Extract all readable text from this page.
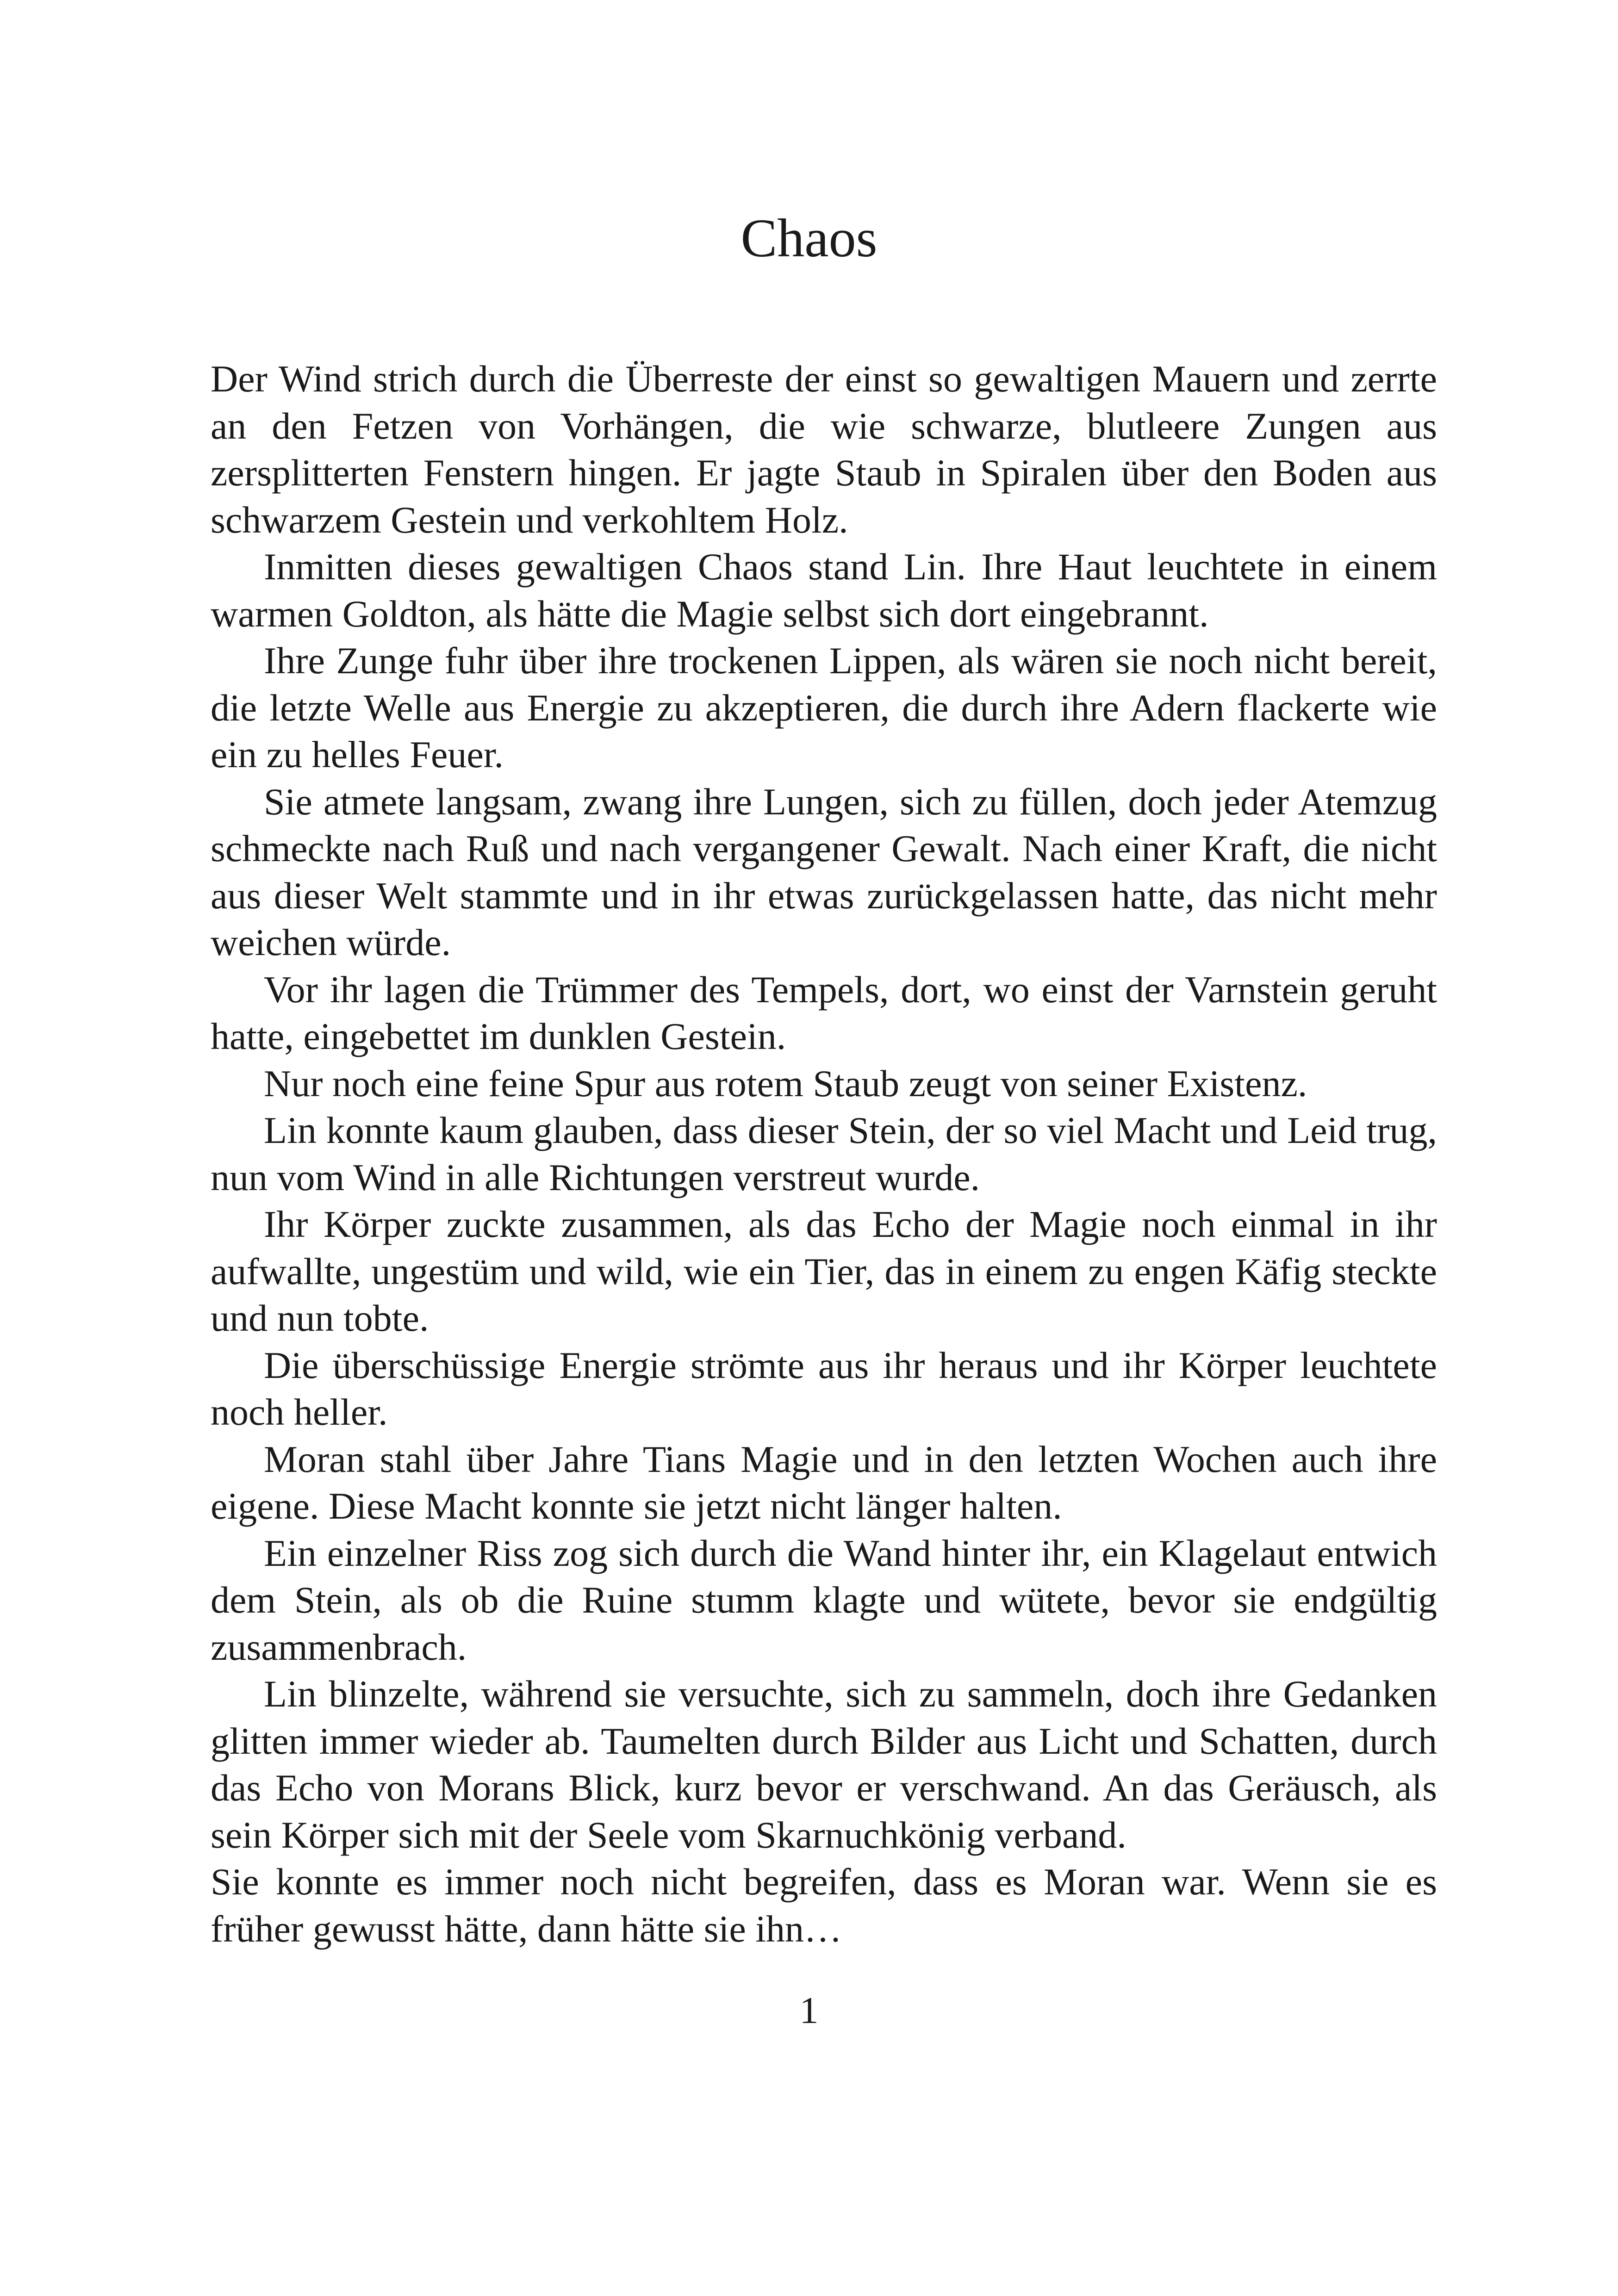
Chaos

Der Wind strich durch die Überreste der einst so gewaltigen Mauern und zerrte an den Fetzen von Vorhängen, die wie schwarze, blutleere Zungen aus zersplitterten Fenstern hingen. Er jagte Staub in Spiralen über den Boden aus schwarzem Gestein und verkohltem Holz.

Inmitten dieses gewaltigen Chaos stand Lin. Ihre Haut leuchtete in einem warmen Goldton, als hätte die Magie selbst sich dort eingebrannt.

Ihre Zunge fuhr über ihre trockenen Lippen, als wären sie noch nicht bereit, die letzte Welle aus Energie zu akzeptieren, die durch ihre Adern flackerte wie ein zu helles Feuer.

Sie atmete langsam, zwang ihre Lungen, sich zu füllen, doch jeder Atemzug schmeckte nach Ruß und nach vergangener Gewalt. Nach einer Kraft, die nicht aus dieser Welt stammte und in ihr etwas zurückgelassen hatte, das nicht mehr weichen würde.

Vor ihr lagen die Trümmer des Tempels, dort, wo einst der Varnstein geruht hatte, eingebettet im dunklen Gestein.

Nur noch eine feine Spur aus rotem Staub zeugt von seiner Existenz.

Lin konnte kaum glauben, dass dieser Stein, der so viel Macht und Leid trug, nun vom Wind in alle Richtungen verstreut wurde.

Ihr Körper zuckte zusammen, als das Echo der Magie noch einmal in ihr aufwallte, ungestüm und wild, wie ein Tier, das in einem zu engen Käfig steckte und nun tobte.

Die überschüssige Energie strömte aus ihr heraus und ihr Körper leuchtete noch heller.

Moran stahl über Jahre Tians Magie und in den letzten Wochen auch ihre eigene. Diese Macht konnte sie jetzt nicht länger halten.

Ein einzelner Riss zog sich durch die Wand hinter ihr, ein Klagelaut entwich dem Stein, als ob die Ruine stumm klagte und wütete, bevor sie endgültig zusammenbrach.

Lin blinzelte, während sie versuchte, sich zu sammeln, doch ihre Gedanken glitten immer wieder ab. Taumelten durch Bilder aus Licht und Schatten, durch das Echo von Morans Blick, kurz bevor er verschwand. An das Geräusch, als sein Körper sich mit der Seele vom Skarnuchkönig verband.

Sie konnte es immer noch nicht begreifen, dass es Moran war. Wenn sie es früher gewusst hätte, dann hätte sie ihn…

1
